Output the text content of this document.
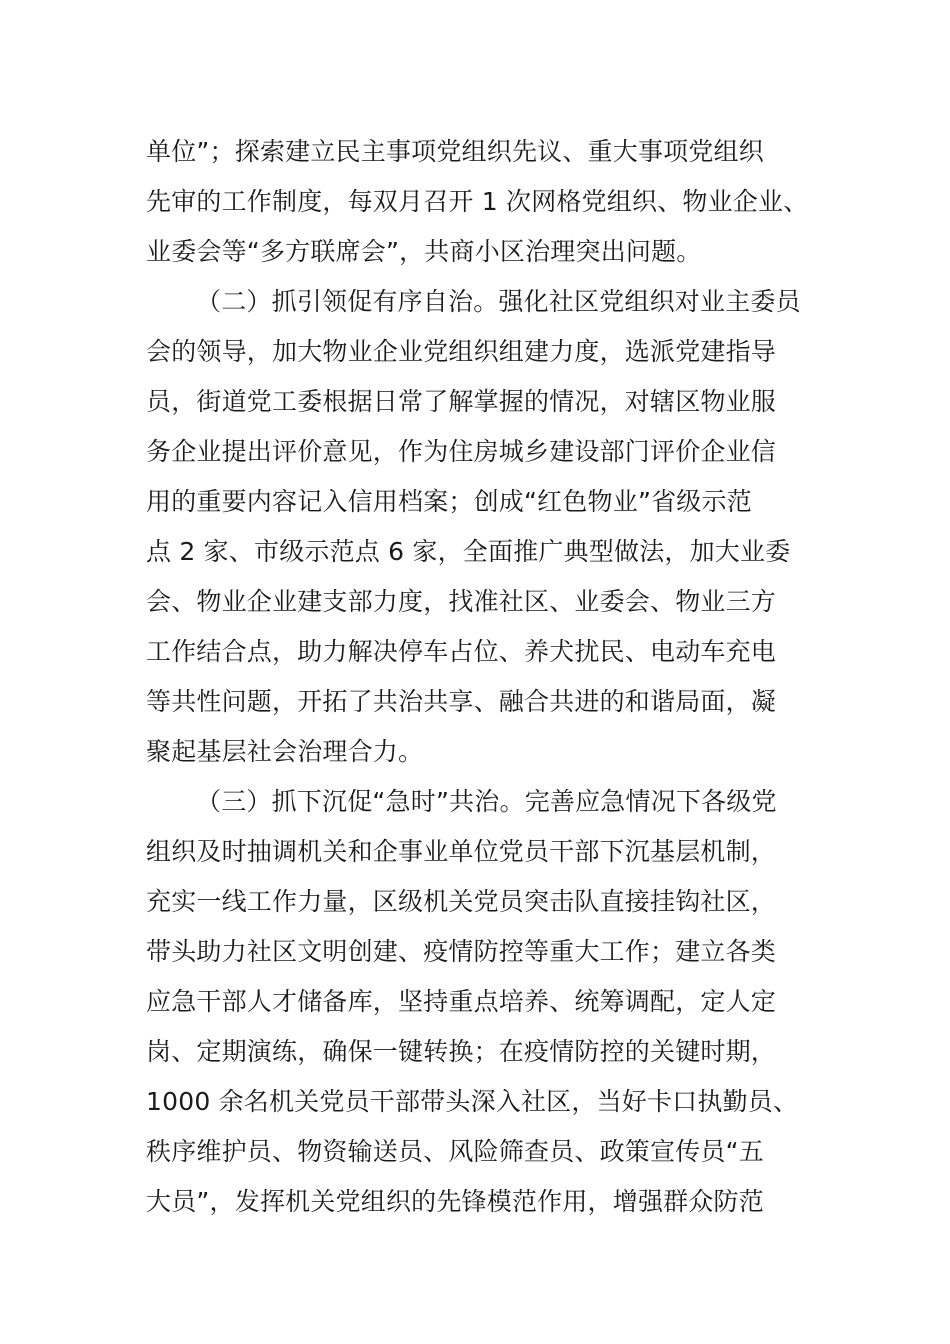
单位”；探索建立民主事项党组织先议、重大事项党组织
先审的工作制度，每双月召开 1 次网格党组织、物业企业、
业委会等“多方联席会”，共商小区治理突出问题。
（二）抓引领促有序自治。强化社区党组织对业主委员
会的领导，加大物业企业党组织组建力度，选派党建指导
员，街道党工委根据日常了解掌握的情况，对辖区物业服
务企业提出评价意见，作为住房城乡建设部门评价企业信
用的重要内容记入信用档案；创成“红色物业”省级示范
点 2 家、市级示范点 6 家，全面推广典型做法，加大业委
会、物业企业建支部力度，找准社区、业委会、物业三方
工作结合点，助力解决停车占位、养犬扰民、电动车充电
等共性问题，开拓了共治共享、融合共进的和谐局面，凝
聚起基层社会治理合力。
（三）抓下沉促“急时”共治。完善应急情况下各级党
组织及时抽调机关和企事业单位党员干部下沉基层机制，
充实一线工作力量，区级机关党员突击队直接挂钩社区，
带头助力社区文明创建、疫情防控等重大工作；建立各类
应急干部人才储备库，坚持重点培养、统筹调配，定人定
岗、定期演练，确保一键转换；在疫情防控的关键时期，
1000 余名机关党员干部带头深入社区，当好卡口执勤员、
秩序维护员、物资输送员、风险筛查员、政策宣传员“五
大员”，发挥机关党组织的先锋模范作用，增强群众防范
